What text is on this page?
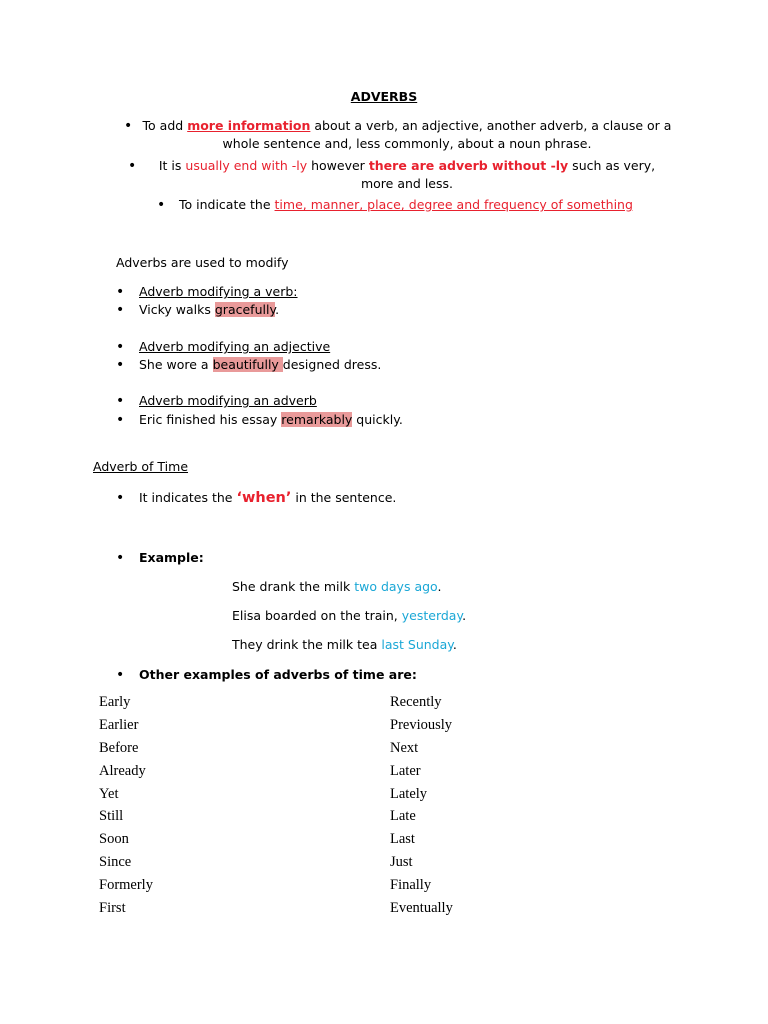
ADVERBS
• To add more information about a verb, an adjective, another adverb, a clause or a whole sentence and, less commonly, about a noun phrase.
•	It is usually end with -ly however there are adverb without -ly such as very, more and less.
• To indicate the time, manner, place, degree and frequency of something
Adverbs are used to modify
• Adverb modifying a verb:
• Vicky walks gracefully.
• Adverb modifying an adjective
• She wore a beautifully designed dress.
• Adverb modifying an adverb
• Eric finished his essay remarkably quickly.
Adverb of Time
• It indicates the ‘when’ in the sentence.
• Example:
She drank the milk two days ago.
Elisa boarded on the train, yesterday.
They drink the milk tea last Sunday.
• Other examples of adverbs of time are:
Early
Earlier
Before
Already
Yet
Still
Soon
Since
Formerly
First
Recently
Previously
Next
Later
Lately
Late
Last
Just
Finally
Eventually
